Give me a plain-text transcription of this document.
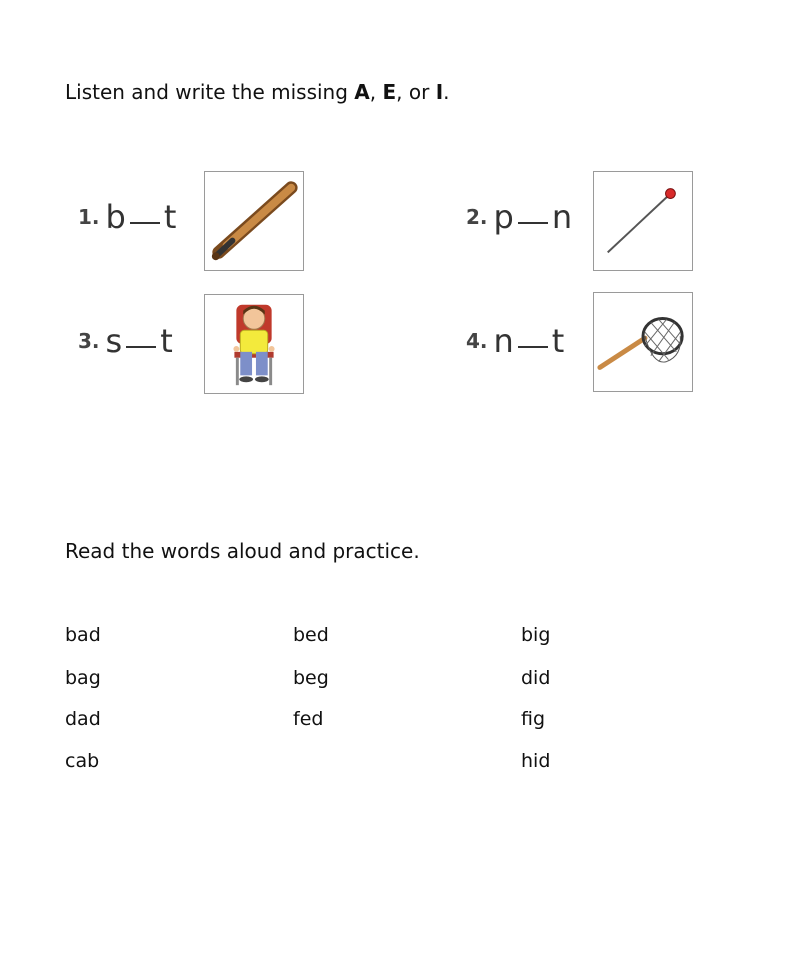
Listen and write the missing A, E, or I.
1. b t	2. p n
3. s t	4. n t
Read the words aloud and practice.
bad
bag
dad
cab
bed
beg
fed
big
did
fig
hid
